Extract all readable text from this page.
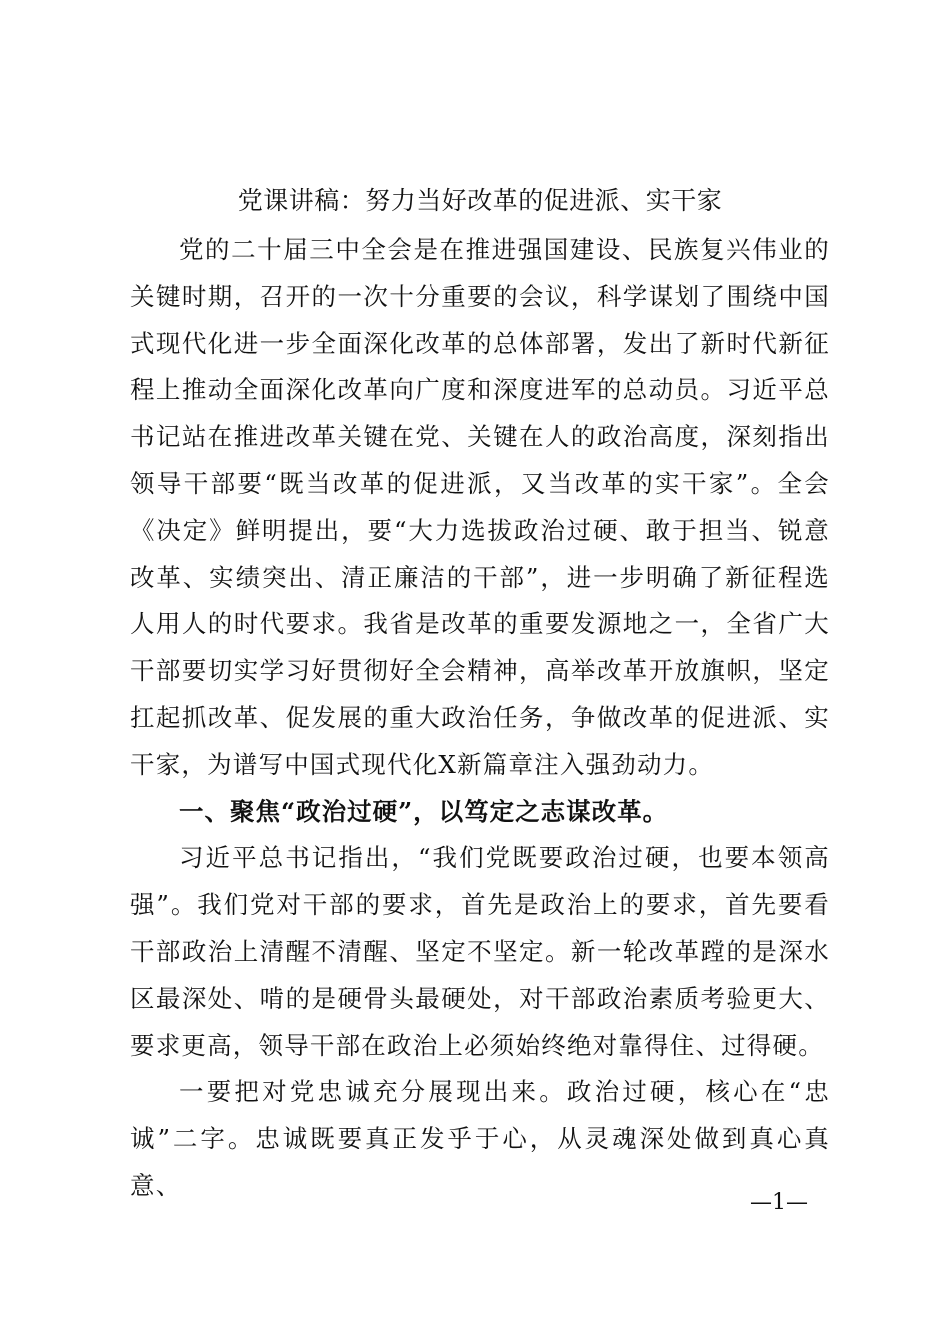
党课讲稿：努力当好改革的促进派、实干家

党的二十届三中全会是在推进强国建设、民族复兴伟业的关键时期，召开的一次十分重要的会议，科学谋划了围绕中国式现代化进一步全面深化改革的总体部署，发出了新时代新征程上推动全面深化改革向广度和深度进军的总动员。习近平总书记站在推进改革关键在党、关键在人的政治高度，深刻指出领导干部要“既当改革的促进派，又当改革的实干家”。全会《决定》鲜明提出，要“大力选拔政治过硬、敢于担当、锐意改革、实绩突出、清正廉洁的干部”，进一步明确了新征程选人用人的时代要求。我省是改革的重要发源地之一，全省广大干部要切实学习好贯彻好全会精神，高举改革开放旗帜，坚定扛起抓改革、促发展的重大政治任务，争做改革的促进派、实干家，为谱写中国式现代化X新篇章注入强劲动力。

一、聚焦“政治过硬”，以笃定之志谋改革。

习近平总书记指出，“我们党既要政治过硬，也要本领高强”。我们党对干部的要求，首先是政治上的要求，首先要看干部政治上清醒不清醒、坚定不坚定。新一轮改革蹚的是深水区最深处、啃的是硬骨头最硬处，对干部政治素质考验更大、要求更高，领导干部在政治上必须始终绝对靠得住、过得硬。

一要把对党忠诚充分展现出来。政治过硬，核心在“忠诚”二字。忠诚既要真正发乎于心，从灵魂深处做到真心真意、

—1—
